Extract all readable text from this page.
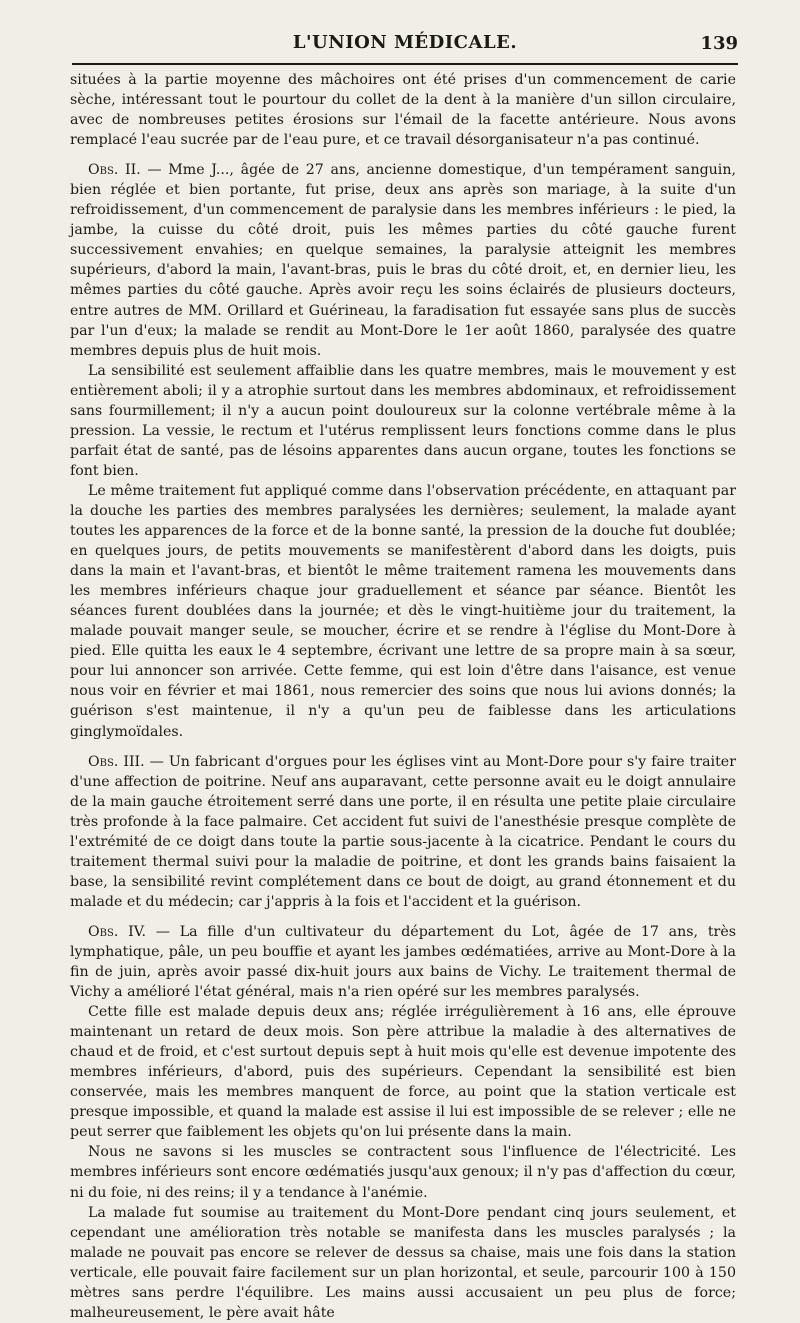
L'UNION MÉDICALE.	139

situées à la partie moyenne des mâchoires ont été prises d'un commencement de carie sèche, intéressant tout le pourtour du collet de la dent à la manière d'un sillon circulaire, avec de nombreuses petites érosions sur l'émail de la facette antérieure. Nous avons remplacé l'eau sucrée par de l'eau pure, et ce travail désorganisateur n'a pas continué.

Obs. II. — Mme J..., âgée de 27 ans, ancienne domestique, d'un tempérament sanguin, bien réglée et bien portante, fut prise, deux ans après son mariage, à la suite d'un refroidissement, d'un commencement de paralysie dans les membres inférieurs : le pied, la jambe, la cuisse du côté droit, puis les mêmes parties du côté gauche furent successivement envahies; en quelque semaines, la paralysie atteignit les membres supérieurs, d'abord la main, l'avant-bras, puis le bras du côté droit, et, en dernier lieu, les mêmes parties du côté gauche. Après avoir reçu les soins éclairés de plusieurs docteurs, entre autres de MM. Orillard et Guérineau, la faradisation fut essayée sans plus de succès par l'un d'eux; la malade se rendit au Mont-Dore le 1er août 1860, paralysée des quatre membres depuis plus de huit mois.

La sensibilité est seulement affaiblie dans les quatre membres, mais le mouvement y est entièrement aboli; il y a atrophie surtout dans les membres abdominaux, et refroidissement sans fourmillement; il n'y a aucun point douloureux sur la colonne vertébrale même à la pression. La vessie, le rectum et l'utérus remplissent leurs fonctions comme dans le plus parfait état de santé, pas de lésoins apparentes dans aucun organe, toutes les fonctions se font bien.

Le même traitement fut appliqué comme dans l'observation précédente, en attaquant par la douche les parties des membres paralysées les dernières; seulement, la malade ayant toutes les apparences de la force et de la bonne santé, la pression de la douche fut doublée; en quelques jours, de petits mouvements se manifestèrent d'abord dans les doigts, puis dans la main et l'avant-bras, et bientôt le même traitement ramena les mouvements dans les membres inférieurs chaque jour graduellement et séance par séance. Bientôt les séances furent doublées dans la journée; et dès le vingt-huitième jour du traitement, la malade pouvait manger seule, se moucher, écrire et se rendre à l'église du Mont-Dore à pied. Elle quitta les eaux le 4 septembre, écrivant une lettre de sa propre main à sa sœur, pour lui annoncer son arrivée. Cette femme, qui est loin d'être dans l'aisance, est venue nous voir en février et mai 1861, nous remercier des soins que nous lui avions donnés; la guérison s'est maintenue, il n'y a qu'un peu de faiblesse dans les articulations ginglymoïdales.

Obs. III. — Un fabricant d'orgues pour les églises vint au Mont-Dore pour s'y faire traiter d'une affection de poitrine. Neuf ans auparavant, cette personne avait eu le doigt annulaire de la main gauche étroitement serré dans une porte, il en résulta une petite plaie circulaire très profonde à la face palmaire. Cet accident fut suivi de l'anesthésie presque complète de l'extrémité de ce doigt dans toute la partie sous-jacente à la cicatrice. Pendant le cours du traitement thermal suivi pour la maladie de poitrine, et dont les grands bains faisaient la base, la sensibilité revint complétement dans ce bout de doigt, au grand étonnement et du malade et du médecin; car j'appris à la fois et l'accident et la guérison.

Obs. IV. — La fille d'un cultivateur du département du Lot, âgée de 17 ans, très lymphatique, pâle, un peu bouffie et ayant les jambes œdématiées, arrive au Mont-Dore à la fin de juin, après avoir passé dix-huit jours aux bains de Vichy. Le traitement thermal de Vichy a amélioré l'état général, mais n'a rien opéré sur les membres paralysés.

Cette fille est malade depuis deux ans; réglée irrégulièrement à 16 ans, elle éprouve maintenant un retard de deux mois. Son père attribue la maladie à des alternatives de chaud et de froid, et c'est surtout depuis sept à huit mois qu'elle est devenue impotente des membres inférieurs, d'abord, puis des supérieurs. Cependant la sensibilité est bien conservée, mais les membres manquent de force, au point que la station verticale est presque impossible, et quand la malade est assise il lui est impossible de se relever ; elle ne peut serrer que faiblement les objets qu'on lui présente dans la main.

Nous ne savons si les muscles se contractent sous l'influence de l'électricité. Les membres inférieurs sont encore œdématiés jusqu'aux genoux; il n'y pas d'affection du cœur, ni du foie, ni des reins; il y a tendance à l'anémie.

La malade fut soumise au traitement du Mont-Dore pendant cinq jours seulement, et cependant une amélioration très notable se manifesta dans les muscles paralysés ; la malade ne pouvait pas encore se relever de dessus sa chaise, mais une fois dans la station verticale, elle pouvait faire facilement sur un plan horizontal, et seule, parcourir 100 à 150 mètres sans perdre l'équilibre. Les mains aussi accusaient un peu plus de force; malheureusement, le père avait hâte
